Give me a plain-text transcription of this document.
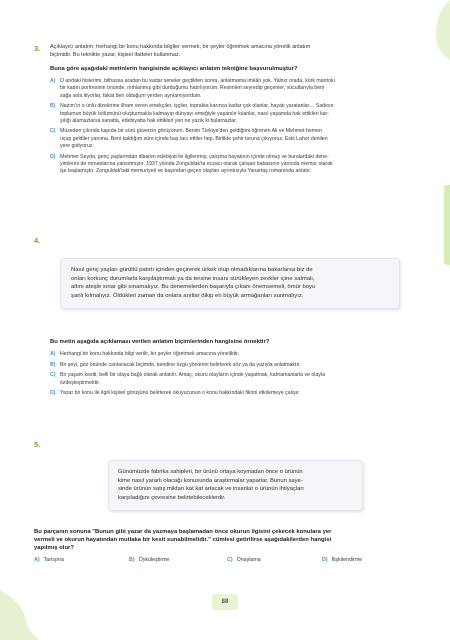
3. Açıklayıcı anlatım; herhangi bir konu hakkında bilgiler vermek, bir şeyler öğretmek amacına yönelik anlatım
biçimidir. Bu teknikte yazar, kişisel ifadeler kullanmaz.
Buna göre aşağıdaki metinlerin hangisinde açıklayıcı anlatım tekniğine başvurulmuştur?
A) O andaki hislerimi, bilhassa aradan bu kadar seneler geçtikten sonra, anlatmama imkân yok. Yalnız orada, kürk mantolu
bir kadın portresinin önünde, mıhlanmış gibi durduğumu hatırlıyorum. Resimleri seyredip geçenler, vücutlarıyla beni
sağa sola itiyorlar, fakat ben olduğum yerden ayrılamıyordum.
B) Nazım'ın o ünlü dizelerine ilham veren emekçiler, işçiler, toprakta karınca kadar çok olanlar, hayatı yaratanlar… Sadece
toplumun büyük bölümünü oluşturmakla kalmayıp dünyayı emeğiyle yaşanılır kılanlar, nasıl yaşamda hak ettikleri kar-
şılığı alamazlarsa sanatta, edebiyatta hak ettikleri yeri ne yazık ki bulamazlar.
C) Müzeden çıkında kapıda bir sürü güvercin görüyorum. Benim Türkiye'den geldiğimi öğrenen Ali ve Mehmet hemen
uçup geldiler yanıma. Beni kaldığım süre içinde baş tacı ettiler hep. Birlikte şehir turuna çıkıyoruz. Eski Lahor denilen
yere gidiyoruz.
D) Mehmet Seyda, genç yaşlarından itibaren edebiyat ile ilgilenmiş; çalışma hayatının içinde olmuş ve buralardaki dene-
yimlerini de romanlarına yansıtmıştır. 1937 yılında Zonguldak'ta eczacı olarak çalışan babasının yanında memur olarak
işe başlamıştır. Zonguldak'taki memuriyeti ve başından geçen olayları ayrıntısıyla Yanartaş romanında anlatır.
4.
Nasıl genç yaşları gürültü patırtı içinden geçirerek ürkek olup olmadıklarına bakarlarsa biz de
onları korkunç durumlarla karşılaştırmalı ya da tersine insanı sürükleyen zevkler içine salmalı,
altını ateşle sınar gibi sınamalıyız. Bu denemelerden başarıyla çıkanı önemsemeli, ömür boyu
şanlı kılmalıyız. Öldükleri zaman da onlara anıtlar dikip en büyük armağanları sunmalıyız.
Bu metin aşağıda açıklaması verilen anlatım biçimlerinden hangisine örnektir?
A) Herhangi bir konu hakkında bilgi verilir, bir şeyler öğretmek amacına yöneliktir.
B) Bir şeyi, göz önünde canlanacak biçimde, kendine özgü yönlerini belirterek söz ya da yazıyla anlatmaktır.
C) Bir yaşam kesiti, belli bir olaya bağlı olarak anlatılır. Amaç; okuru olayların içinde yaşatmak, kahramanlarla ve olayla
özdeşleştirmektir.
D) Yazar bir konu ile ilgili kişisel görüşünü belirterek okuyucunun o konu hakkındaki fikrini etkilemeye çalışır.
5.
Günümüzde fabrika sahipleri, bir ürünü ortaya koymadan önce o ürünün
kime nasıl yararlı olacağı konusunda araştırmalar yaparlar. Bunun saye-
sinde ürünün satış miktarı kat kat artacak ve insanlar o ürünün ihtiyaçları
karşıladığını çevresine belirtebileceklerdir.
Bu parçanın sonuna "Bunun gibi yazar da yazmaya başlamadan önce okurun ilgisini çekecek konulara yer
vermeli ve okurun hayatından mutlaka bir kesit sunabilmelidir." cümlesi getirilirse aşağıdakilerden hangisi
yapılmış olur?
A) Tartışma	B) Öyküleştirme	C) Onaylama	D) İlişkilendirme
88
